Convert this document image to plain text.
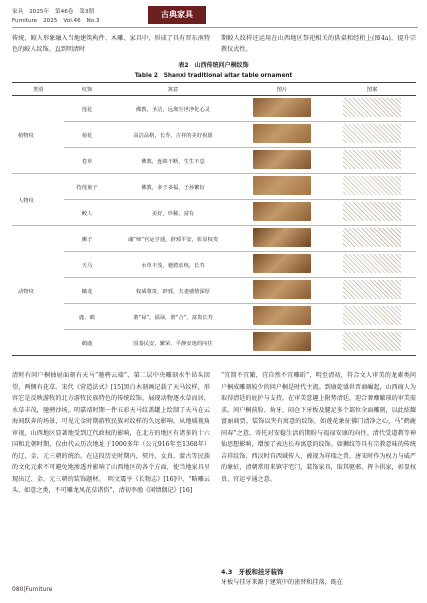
家具 2025年 第46卷 第3期
Furniture 2025 Vol.46 No.3
古典家具

传统，鲛人形象融入当地建筑构件、木雕、家具中，形成了具有晋东南特色的鲛人纹饰。直到明清时

期鲛人纹样还运用在山西地区祭祀相关的供桌和经桁上(图4a)，提升宗教仪式性。

表2　山西传统问户桐纹饰
Table 2　Shanxi traditional altar table ornament
类别	纹饰	寓意	图片	图案
植物纹	莲花	佛教，圣洁，远离尘世净化心灵		
	菊花	高洁品格，长寿，吉祥的美好祝愿		
	卷草	佛教，连绵不断，生生不息		
人物纹	持莲童子	佛教，多子多福，子孙繁衍		
	鲛人	美好，珍稀，富有		
动物纹	狮子	魂“师”官运亨通，辟邪平安，彰显权贵		
	天马	水草丰茂，驰骋求练，长寿		
	螭龙	权威尊贵，辟邪，夫妻感情深厚		
	鹿、鹤	谐“禄”，福禄，谐“合”，富贵长寿		
	鹤鹿	国泰民安，繁荣，平静安逸的向往		

清时有问户桐抽屉面刻有天马“驰骋云端”，第二层中央雕刻水牛昂头回望，两侧有花草。宋代《营造法式》[15]黑白木刻画记载了天马纹样，形容它是反映游牧的北方游牧民族特色的传统纹饰，展现动物逐水草而居，水草丰茂，驰骋沙场。明嘉靖时期一件五彩天马纹盖罐上绘制了天马在云海间跃奔的场景，可见元金时期游牧民族对纹样的久远影响。从地域视角审视，山西地区显著地受到辽代政权的影响，在北方的地区有诸多的十六国和北朝时期，仅由代云历次地址于1000多年（公元916年至1368年）的辽，金，元三朝的统治。在这段历史时期内，契丹、女真、蒙古等民族的文化元素不可避免地渗透并影响了山西地区的各个方面，使当地家具呈现出辽、金、元三朝的装饰题材。　明文震亨《长物志》[16]中，“略雕云头、如意之类，不可雕龙凤花草诸俗”，清初李渔《闲情偶记》[16]

“宜简不宜繁，宜自然不宜雕斫”，明至清初，符合文人审美的龙素类问户桐成雕刻较少的问户桐是时代主流。到康乾盛世晋商崛起，山西商人为取得清廷的庇护与支持，在审美意趣上附势清廷，迎合奢靡繁琐的审美需求。问户桐前脸、角牙、闷仓下牙板及腿足多个部位全面雕刻，以此炫耀富丽商贾。装饰以夹有寓意的纹饰，如莲花象征佛门清净之心，马“鹤鹿同春”之意，寄托对安稳生活的期盼与福禄安康的向往。清代受道教等神仙思想影响，增加了表达长寿寓意的纹饰。如狮纹等具有宗教意味的传统吉祥纹饰，西汉时自西域传入，被视为祥瑞之兽，唐宋时作为权力与威严的象征，清朝常用来镇守宅门，装饰家具，取其驱邪、挥卜拱家，彰显权贵，官运亨通之意。

4.3　牙板和挂牙装饰

牙板与挂牙来源于建筑中的雀替和挂落，既在

080|Furniture
